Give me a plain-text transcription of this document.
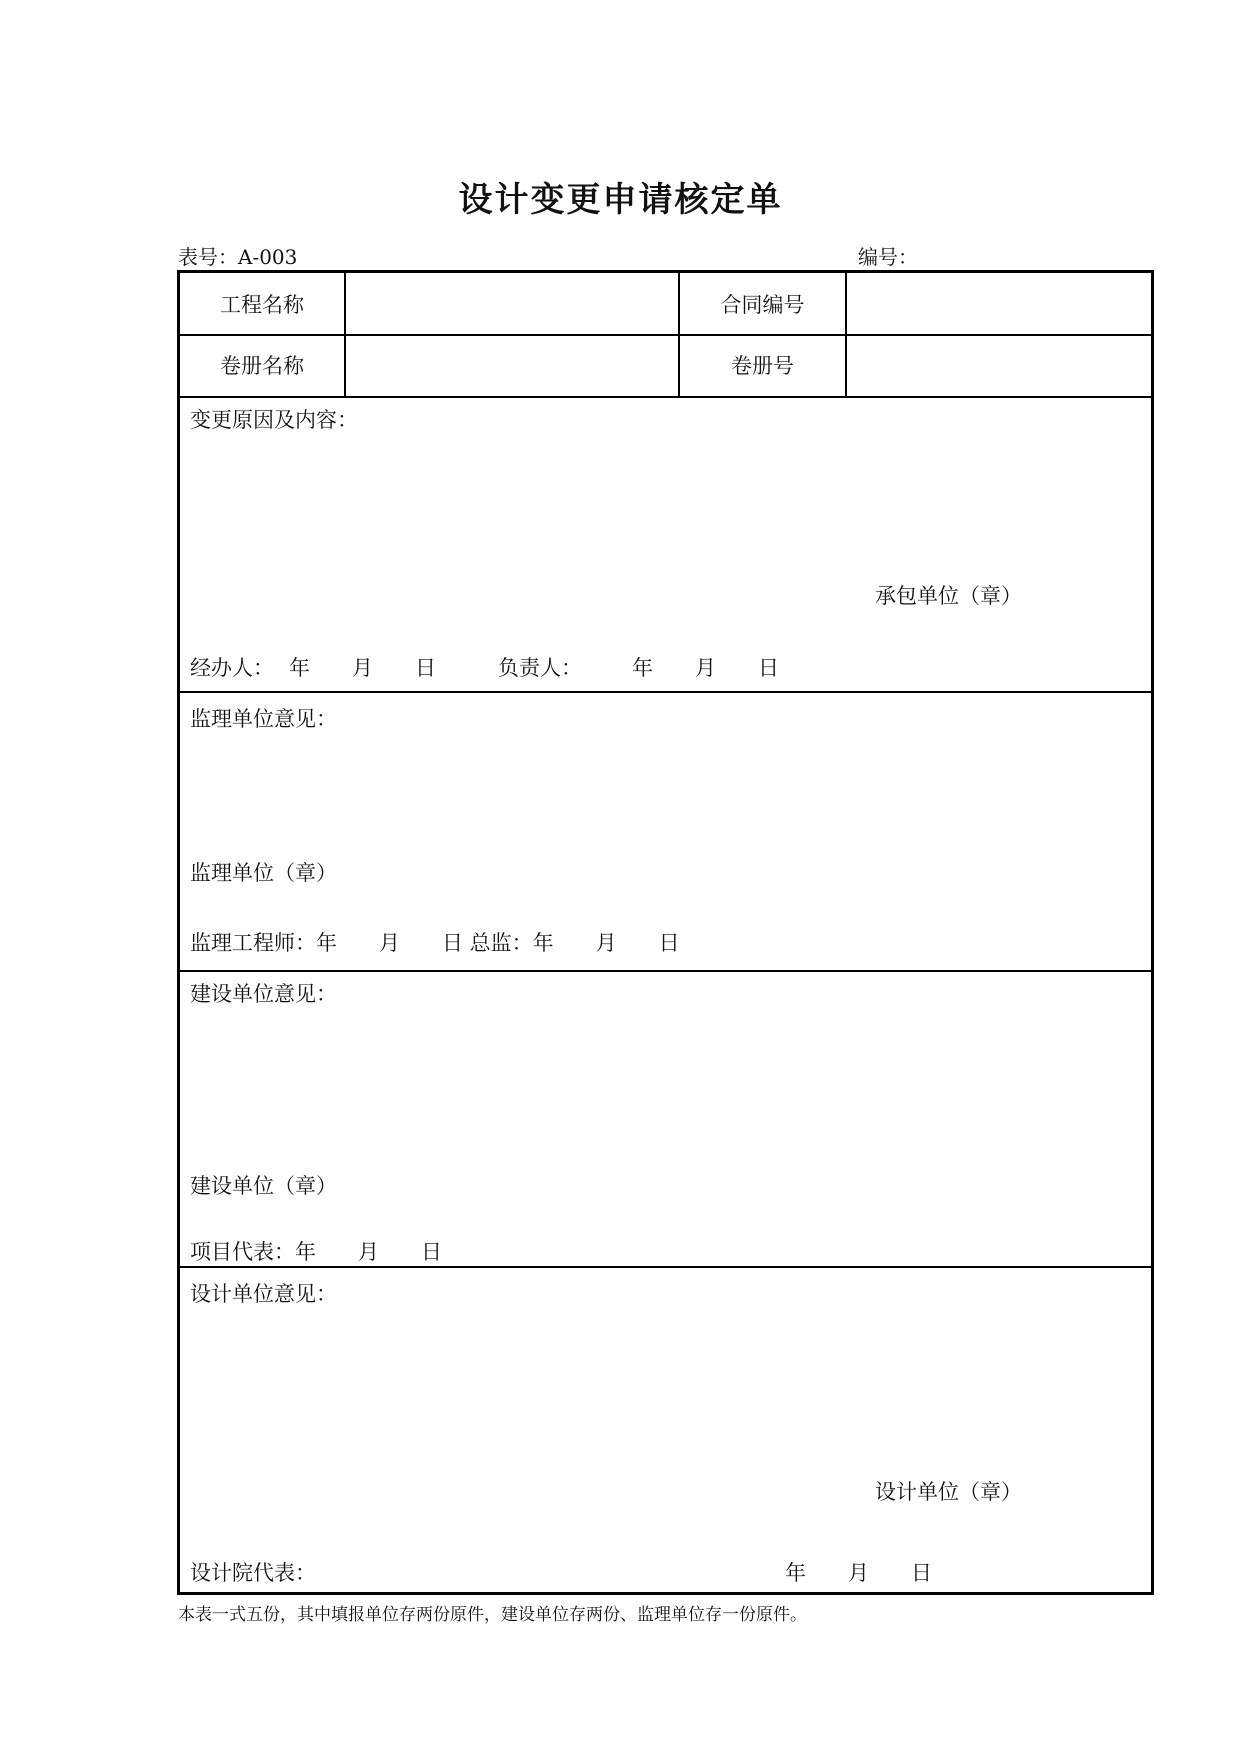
设计变更申请核定单
表号：A-003	编号：
工程名称	合同编号
卷册名称	卷册号
变更原因及内容：
承包单位（章）
经办人： 年　　月　　日	负责人： 年　　月　　日
监理单位意见：
监理单位（章）
监理工程师：年　　月　　日 总监：年　　月　　日
建设单位意见：
建设单位（章）
项目代表：年　　月　　日
设计单位意见：
设计单位（章）
设计院代表：	年　　月　　日
本表一式五份，其中填报单位存两份原件，建设单位存两份、监理单位存一份原件。
